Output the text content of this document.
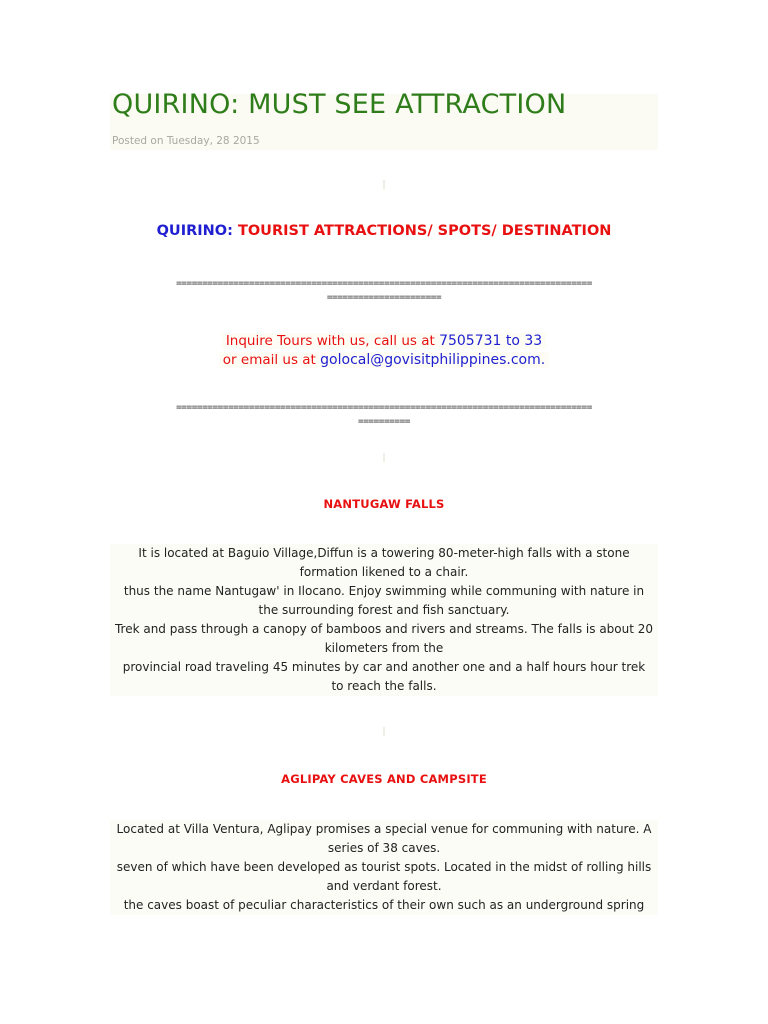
QUIRINO: MUST SEE ATTRACTION
Posted on Tuesday, 28 2015
QUIRINO: TOURIST ATTRACTIONS/ SPOTS/ DESTINATION
================================================================================
======================
Inquire Tours with us, call us at 7505731 to 33
or email us at golocal@govisitphilippines.com.
================================================================================
==========
NANTUGAW FALLS
It is located at Baguio Village,Diffun is a towering 80-meter-high falls with a stone
formation likened to a chair.
thus the name Nantugaw' in Ilocano. Enjoy swimming while communing with nature in
the surrounding forest and fish sanctuary.
Trek and pass through a canopy of bamboos and rivers and streams. The falls is about 20
kilometers from the
provincial road traveling 45 minutes by car and another one and a half hours hour trek
to reach the falls.
AGLIPAY CAVES AND CAMPSITE
Located at Villa Ventura, Aglipay promises a special venue for communing with nature. A
series of 38 caves.
seven of which have been developed as tourist spots. Located in the midst of rolling hills
and verdant forest.
the caves boast of peculiar characteristics of their own such as an underground spring
